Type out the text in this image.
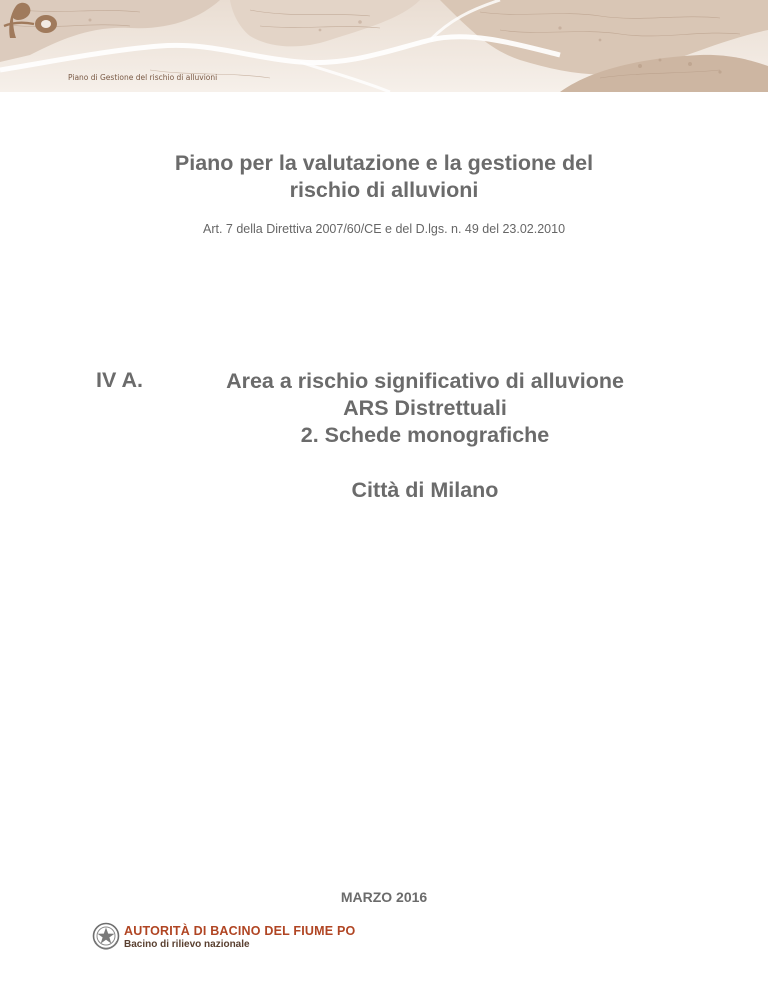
Piano di Gestione del rischio di alluvioni
Piano per la valutazione e la gestione del
rischio di alluvioni
Art. 7 della Direttiva 2007/60/CE e del D.lgs. n. 49 del 23.02.2010
IV A.	Area a rischio significativo di alluvione
ARS Distrettuali
2. Schede monografiche
Città di Milano
MARZO 2016
AUTORITÀ DI BACINO DEL FIUME PO
Bacino di rilievo nazionale
